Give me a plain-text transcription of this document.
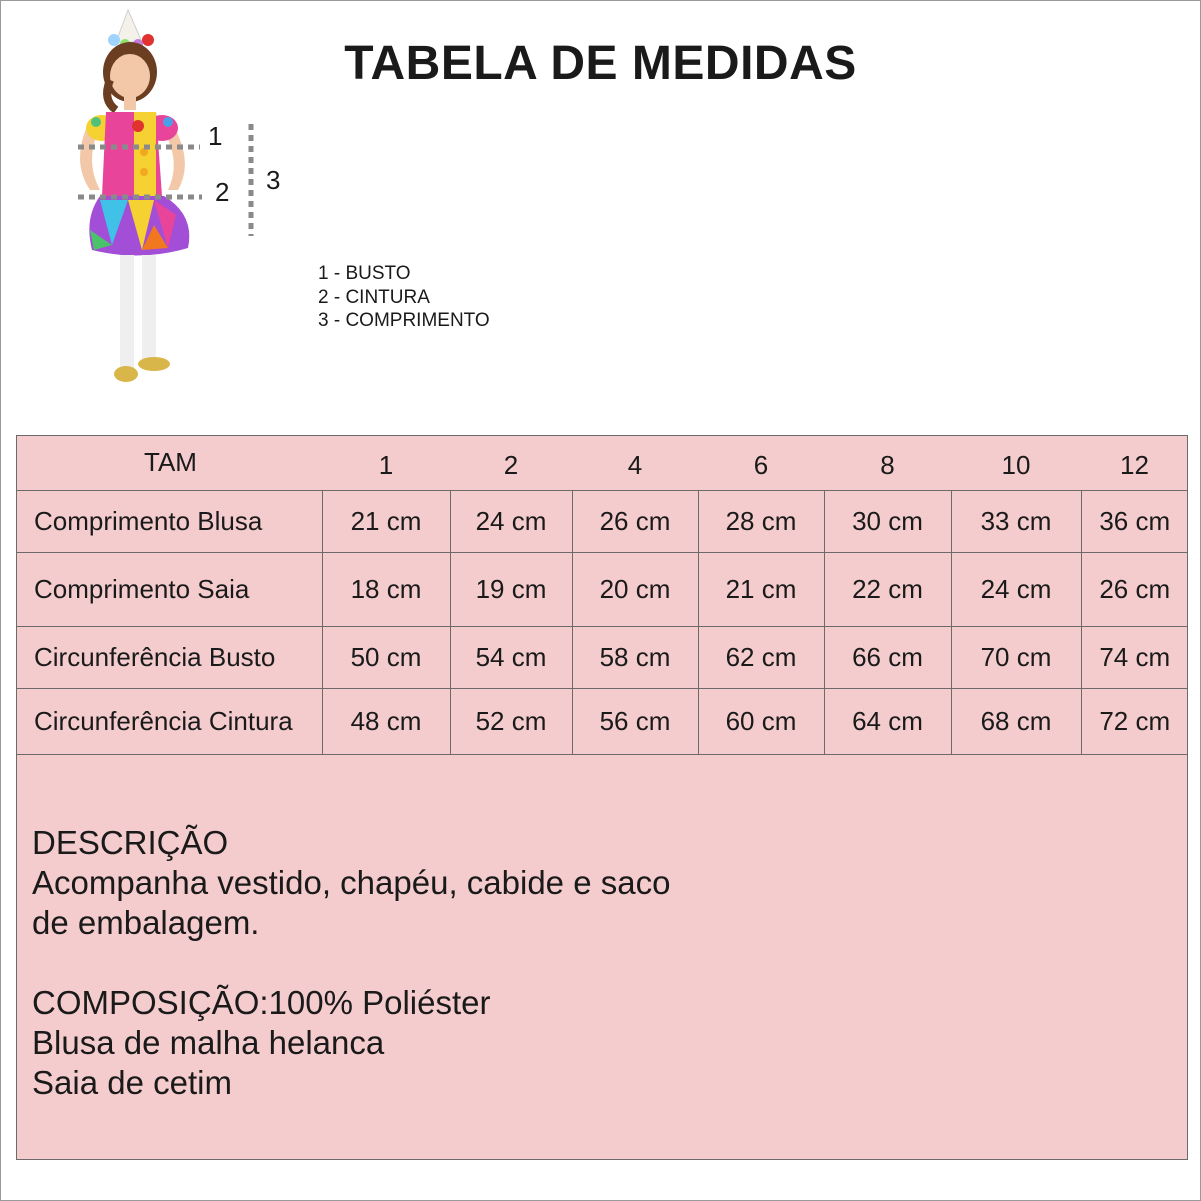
TABELA DE MEDIDAS
1
2 3
1 - BUSTO
2 - CINTURA
3 - COMPRIMENTO
TAM	1	2	4	6	8	10	12
Comprimento Blusa	21 cm	24 cm	26 cm	28 cm	30 cm	33 cm	36 cm
Comprimento Saia	18 cm	19 cm	20 cm	21 cm	22 cm	24 cm	26 cm
Circunferência Busto	50 cm	54 cm	58 cm	62 cm	66 cm	70 cm	74 cm
Circunferência Cintura	48 cm	52 cm	56 cm	60 cm	64 cm	68 cm	72 cm
DESCRIÇÃO
Acompanha vestido, chapéu, cabide e saco
de embalagem.
COMPOSIÇÃO:100% Poliéster
Blusa de malha helanca
Saia de cetim
